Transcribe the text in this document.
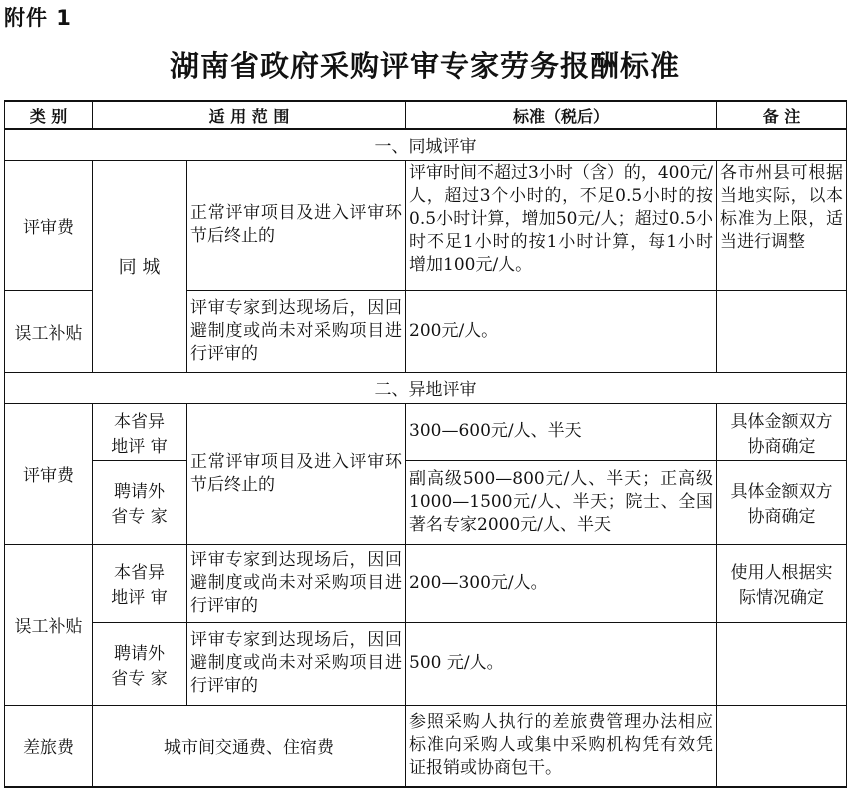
附件 1
湖南省政府采购评审专家劳务报酬标准
类 别	适 用 范 围		标准（税后）	备 注
一、同城评审				
评审费	同 城	正常评审项目及进入评审环节后终止的	评审时间不超过3小时（含）的，400元/人，超过3个小时的，不足0.5小时的按0.5小时计算，增加50元/人；超过0.5小时不足1小时的按1小时计算，每1小时增加100元/人。	各市州县可根据当地实际，以本标准为上限，适当进行调整
误工补贴		评审专家到达现场后，因回避制度或尚未对采购项目进行评审的	200元/人。	
二、异地评审				
评审费	本省异地评 审	正常评审项目及进入评审环节后终止的	300—600元/人、半天	具体金额双方协商确定
	聘请外省专 家		副高级500—800元/人、半天；正高级1000—1500元/人、半天；院士、全国著名专家2000元/人、半天	具体金额双方协商确定
误工补贴	本省异地评 审	评审专家到达现场后，因回避制度或尚未对采购项目进行评审的	200—300元/人。	使用人根据实际情况确定
	聘请外省专 家	评审专家到达现场后，因回避制度或尚未对采购项目进行评审的	500 元/人。	
差旅费	城市间交通费、住宿费		参照采购人执行的差旅费管理办法相应标准向采购人或集中采购机构凭有效凭证报销或协商包干。	
